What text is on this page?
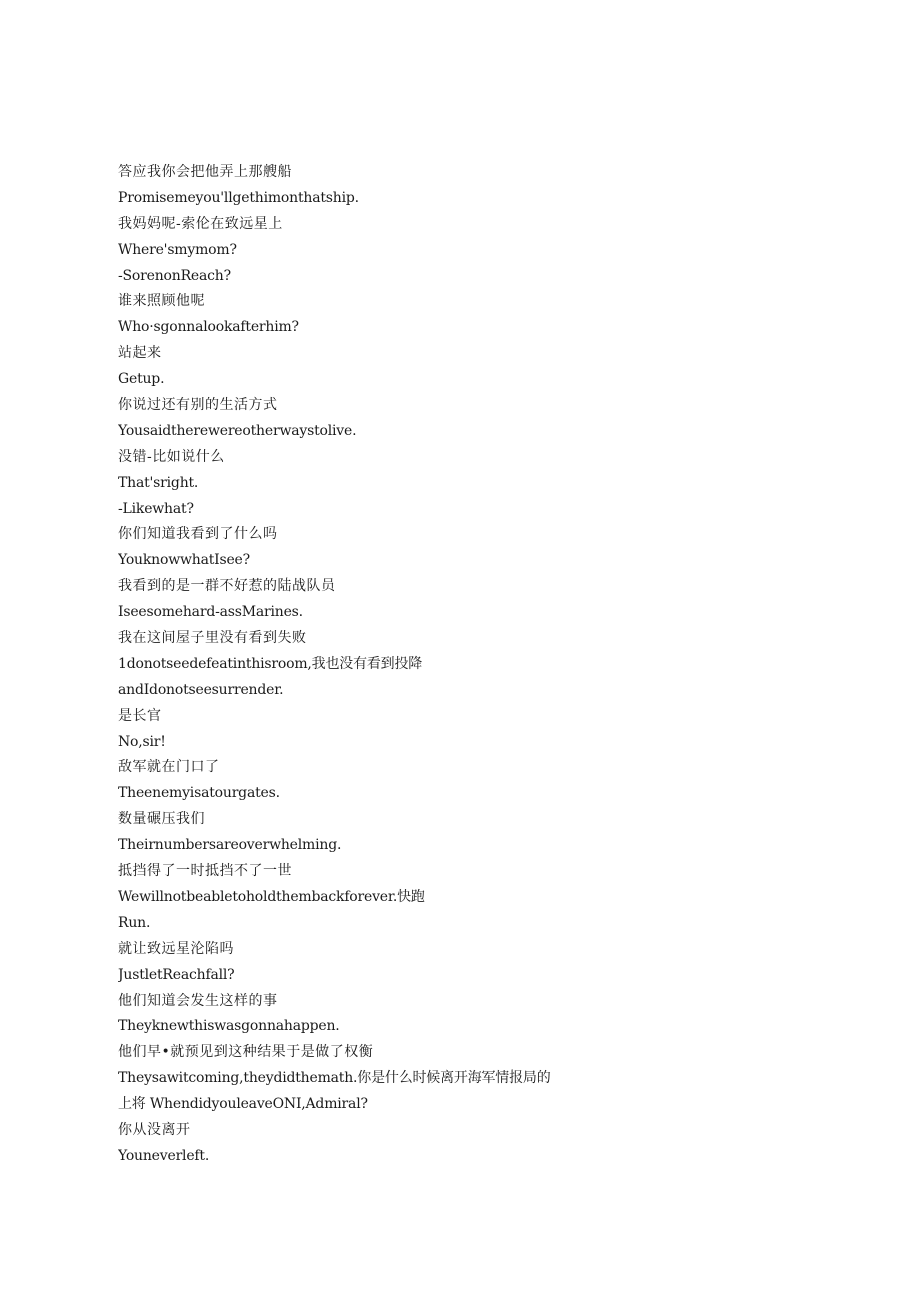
答应我你会把他弄上那艘船
Promisemeyou'llgethimonthatship.
我妈妈呢-索伦在致远星上
Where'smymom?
-SorenonReach?
谁来照顾他呢
Who·sgonnalookafterhim?
站起来
Getup.
你说过还有别的生活方式
Yousaidtherewereotherwaystolive.
没错-比如说什么
That'sright.
-Likewhat?
你们知道我看到了什么吗
YouknowwhatIsee?
我看到的是一群不好惹的陆战队员
Iseesomehard-assMarines.
我在这间屋子里没有看到失败
1donotseedefeatinthisroom,我也没有看到投降
andIdonotseesurrender.
是长官
No,sir!
敌军就在门口了
Theenemyisatourgates.
数量碾压我们
Theirnumbersareoverwhelming.
抵挡得了一时抵挡不了一世
Wewillnotbeabletoholdthembackforever.快跑
Run.
就让致远星沦陷吗
JustletReachfall?
他们知道会发生这样的事
Theyknewthiswasgonnahappen.
他们早•就预见到这种结果于是做了权衡
Theysawitcoming,theydidthemath.你是什么时候离开海军情报局的
上将 WhendidyouleaveONI,Admiral?
你从没离开
Youneverleft.
